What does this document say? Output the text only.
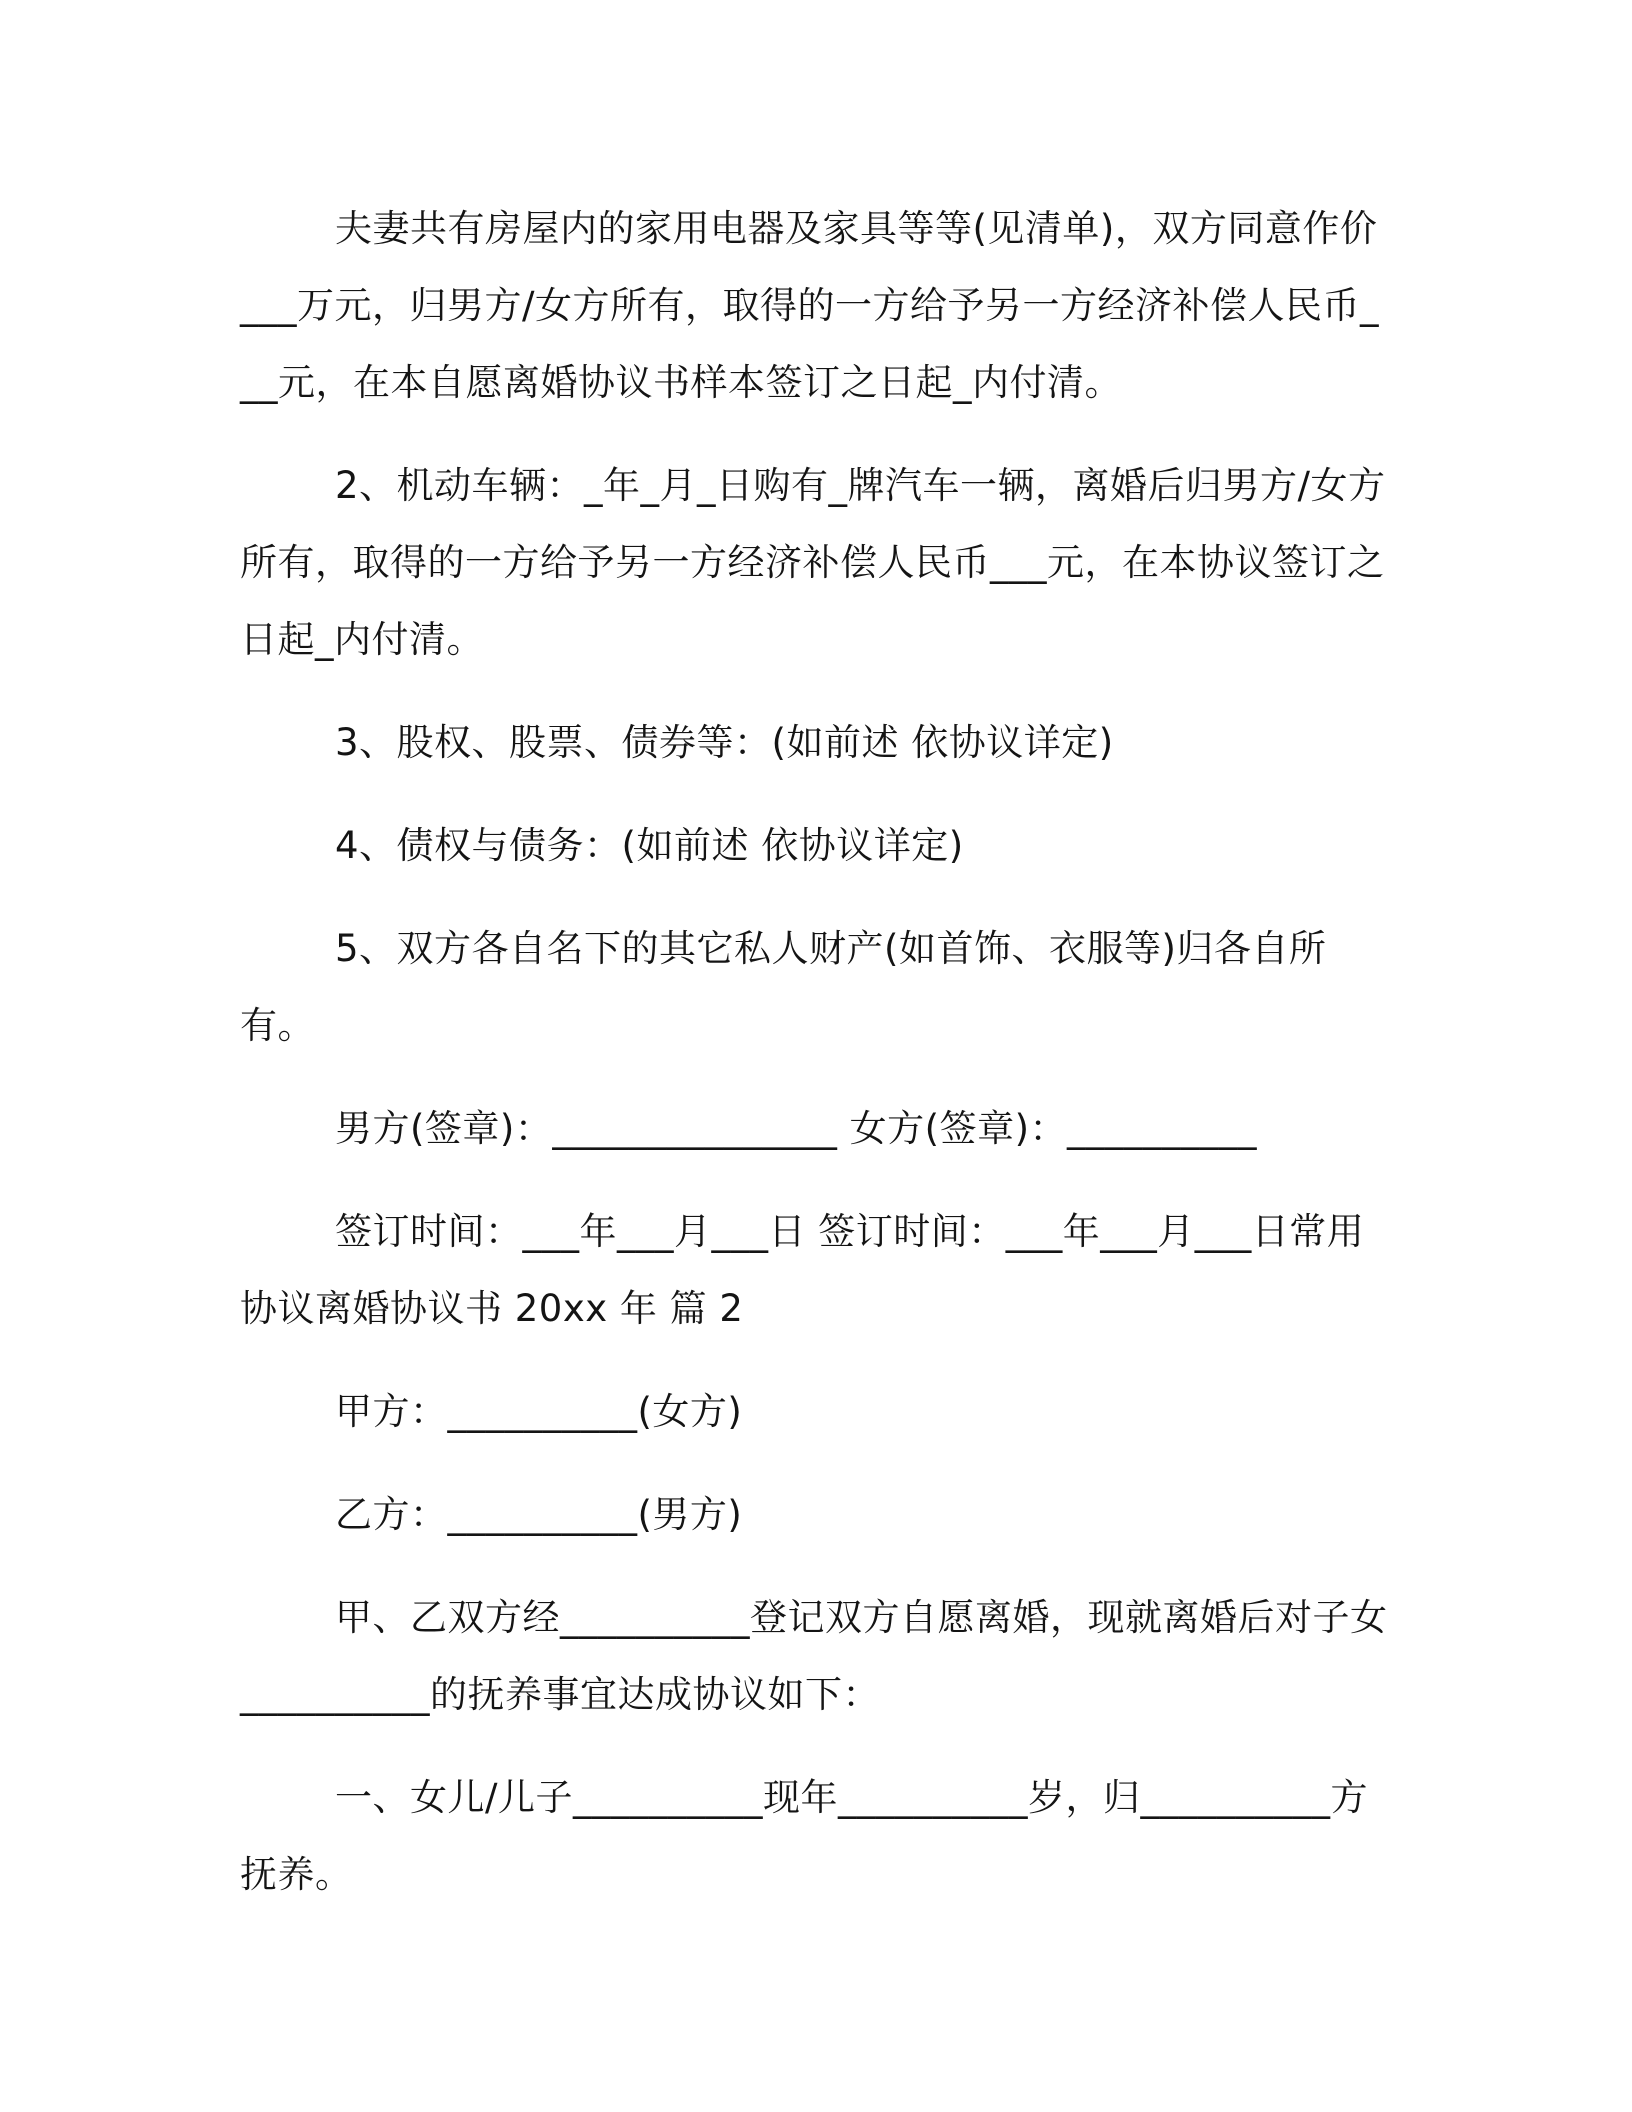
夫妻共有房屋内的家用电器及家具等等(见清单)，双方同意作价___万元，归男方/女方所有，取得的一方给予另一方经济补偿人民币___元，在本自愿离婚协议书样本签订之日起_内付清。

2、机动车辆：_年_月_日购有_牌汽车一辆，离婚后归男方/女方所有，取得的一方给予另一方经济补偿人民币___元，在本协议签订之日起_内付清。

3、股权、股票、债券等：(如前述 依协议详定)

4、债权与债务：(如前述 依协议详定)

5、双方各自名下的其它私人财产(如首饰、衣服等)归各自所有。

男方(签章)：_______________ 女方(签章)：__________

签订时间：___年___月___日 签订时间：___年___月___日常用协议离婚协议书 20xx 年 篇 2

甲方：__________(女方)

乙方：__________(男方)

甲、乙双方经__________登记双方自愿离婚，现就离婚后对子女__________的抚养事宜达成协议如下：

一、女儿/儿子__________现年__________岁，归__________方抚养。
